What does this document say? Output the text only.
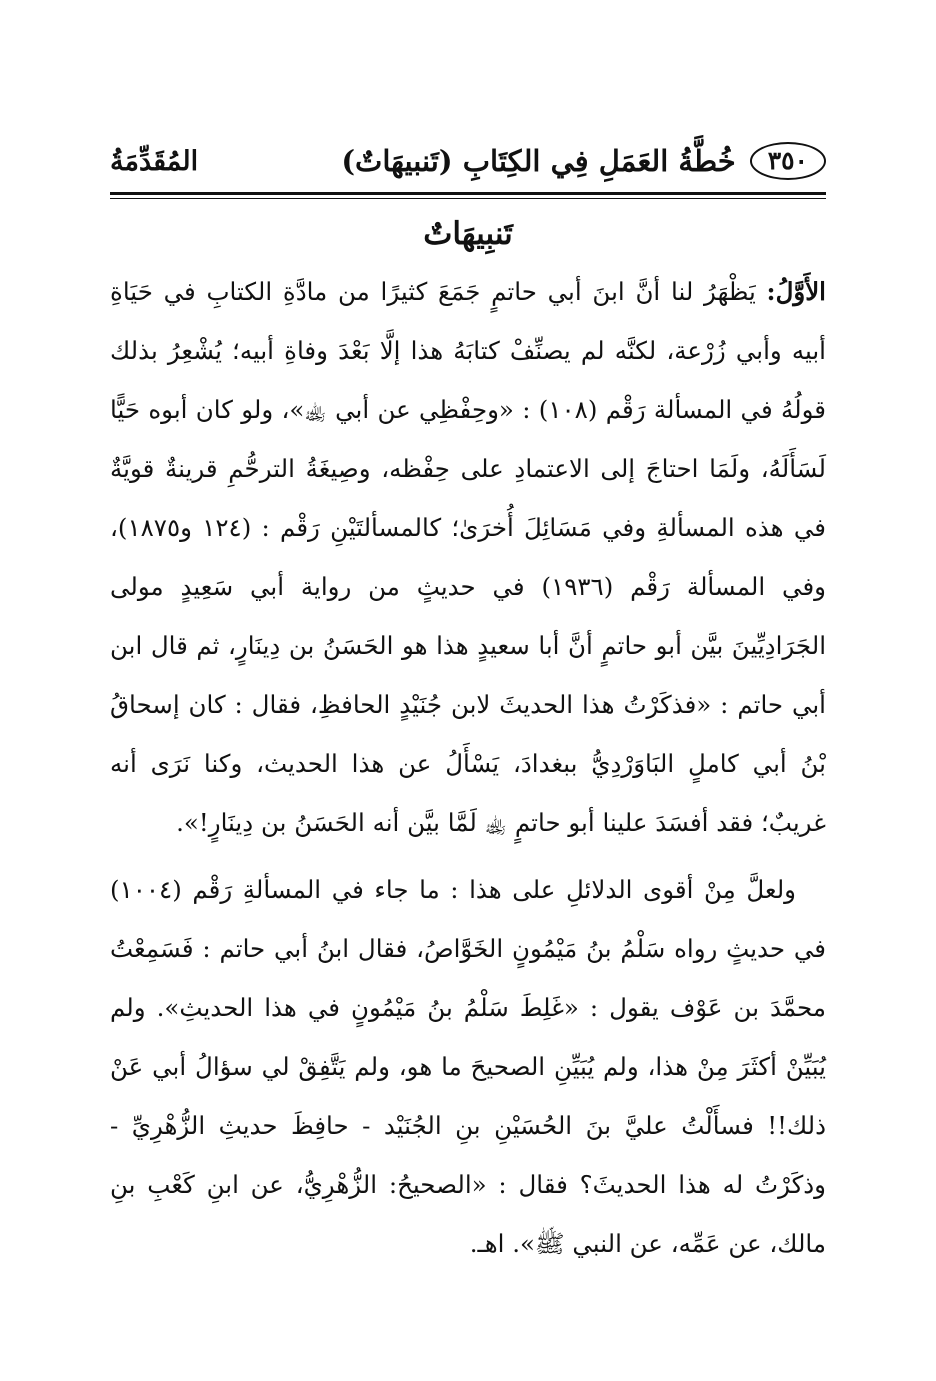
٣٥٠
خُطَّةُ العَمَلِ فِي الكِتَابِ (تَنبيهَاتٌ)
المُقَدِّمَةُ
تَنبِيهَاتٌ

الأَوَّلُ: يَظْهَرُ لنا أنَّ ابنَ أبي حاتمٍ جَمَعَ كثيرًا من مادَّةِ الكتابِ في حَيَاةِ أبيه وأبي زُرْعة، لكنَّه لم يصنِّفْ كتابَهُ هذا إلَّا بَعْدَ وفاةِ أبيه؛ يُشْعِرُ بذلك قولُهُ في المسألة رَقْم (١٠٨) : «وحِفْظِي عن أبي ﵀»، ولو كان أبوه حَيًّا لَسَأَلَهُ، ولَمَا احتاجَ إلى الاعتمادِ على حِفْظه، وصِيغَةُ الترحُّمِ قرينةٌ قويَّةٌ في هذه المسألةِ وفي مَسَائِلَ أُخرَىٰ؛ كالمسألتَيْنِ رَقْم : (١٢٤ و١٨٧٥)، وفي المسألة رَقْم (١٩٣٦) في حديثٍ من رواية أبي سَعِيدٍ مولى الجَرَادِيِّينَ بيَّن أبو حاتمٍ أنَّ أبا سعيدٍ هذا هو الحَسَنُ بن دِينَارٍ، ثم قال ابن أبي حاتم : «فذكَرْتُ هذا الحديثَ لابن جُنَيْدٍ الحافظِ، فقال : كان إسحاقُ بْنُ أبي كاملٍ البَاوَرْدِيُّ ببغدادَ، يَسْأَلُ عن هذا الحديث، وكنا نَرَى أنه غريبٌ؛ فقد أفسَدَ علينا أبو حاتمٍ ﵀ لَمَّا بيَّن أنه الحَسَنُ بن دِينَارٍ!».

ولعلَّ مِنْ أقوى الدلائلِ على هذا : ما جاء في المسألةِ رَقْم (١٠٠٤) في حديثٍ رواه سَلْمُ بنُ مَيْمُونٍ الخَوَّاصُ، فقال ابنُ أبي حاتم : فَسَمِعْتُ محمَّدَ بن عَوْف يقول : «غَلِطَ سَلْمُ بنُ مَيْمُونٍ في هذا الحديثِ». ولم يُبَيِّنْ أكثَرَ مِنْ هذا، ولم يُبَيِّنِ الصحيحَ ما هو، ولم يَتَّفِقْ لي سؤالُ أبي عَنْ ذلك!! فسأَلْتُ عليَّ بنَ الحُسَيْنِ بنِ الجُنَيْد - حافِظَ حديثِ الزُّهْرِيِّ - وذكَرْتُ له هذا الحديثَ؟ فقال : «الصحيحُ: الزُّهْرِيُّ، عن ابنِ كَعْبِ بنِ مالك، عن عَمِّه، عن النبي ﷺ». اهـ.
